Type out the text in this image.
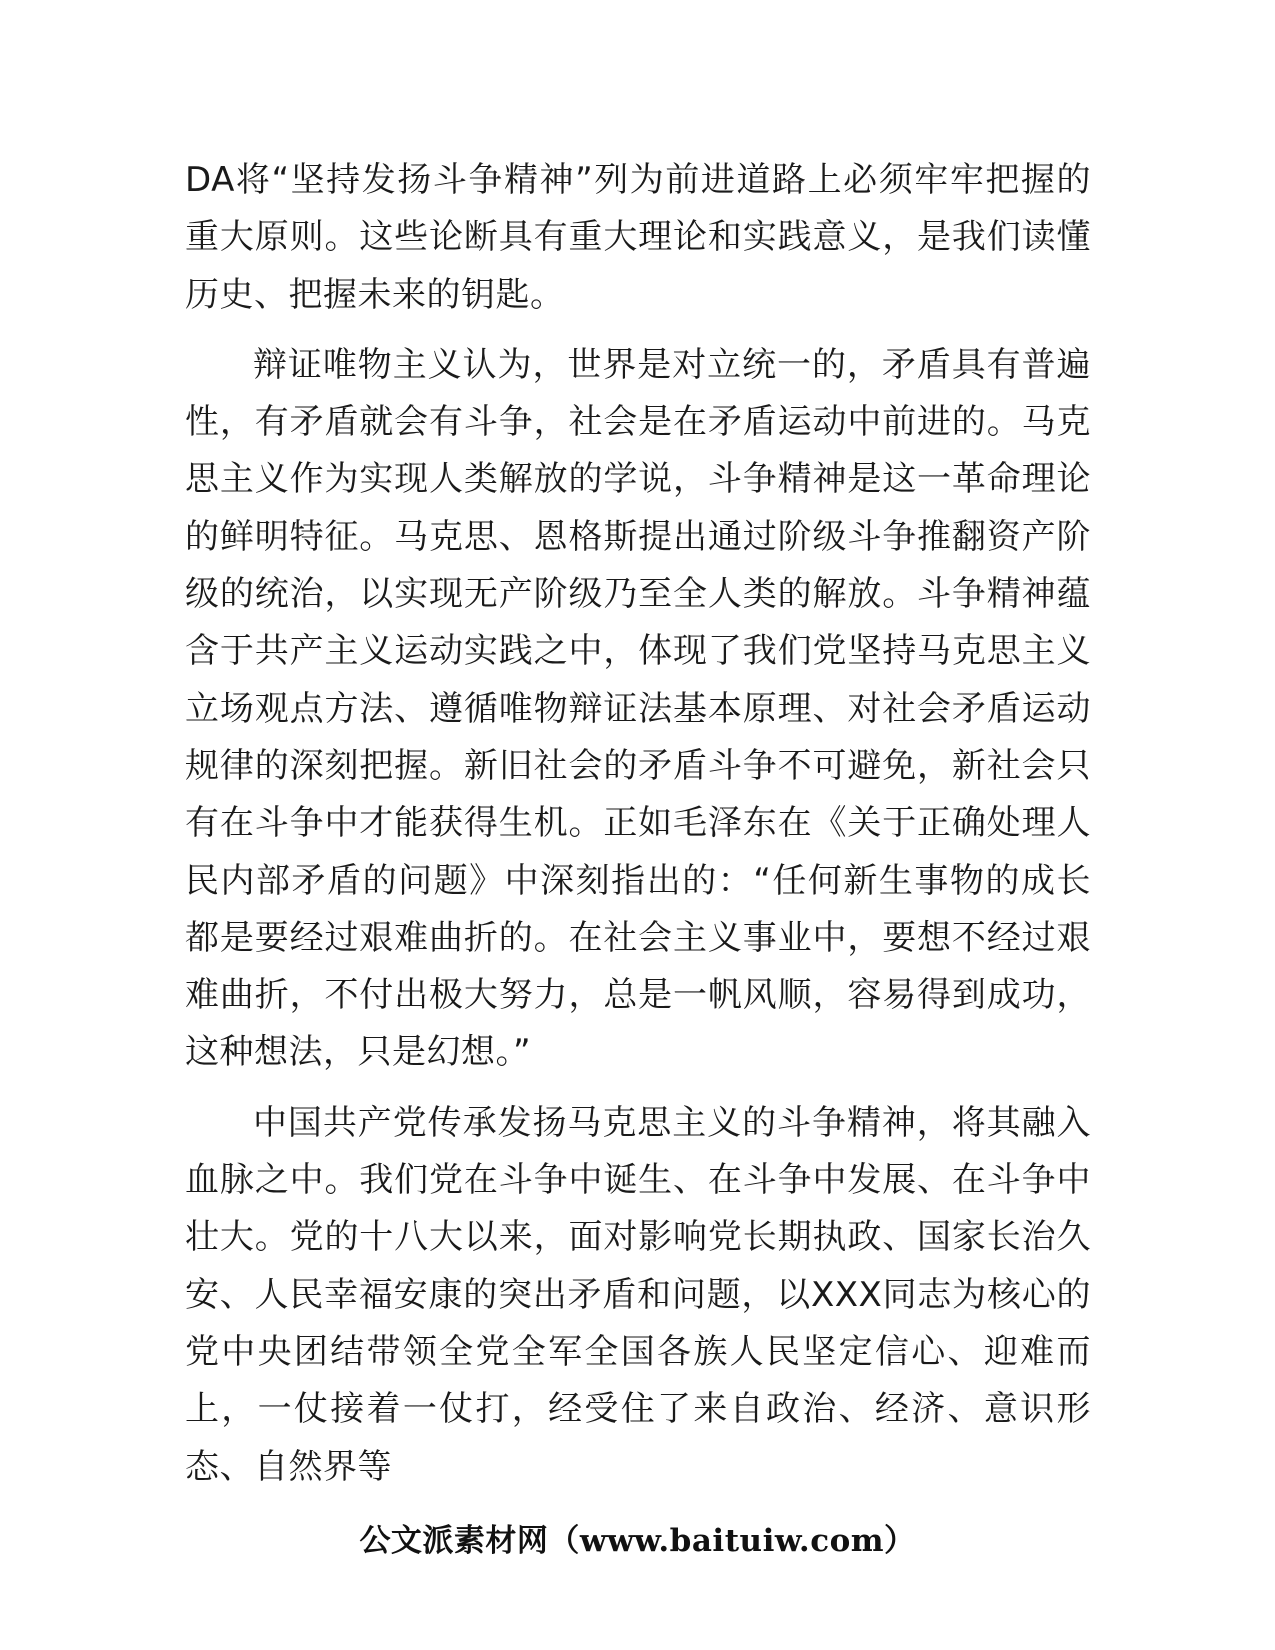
DA将“坚持发扬斗争精神”列为前进道路上必须牢牢把握的重大原则。这些论断具有重大理论和实践意义，是我们读懂历史、把握未来的钥匙。

辩证唯物主义认为，世界是对立统一的，矛盾具有普遍性，有矛盾就会有斗争，社会是在矛盾运动中前进的。马克思主义作为实现人类解放的学说，斗争精神是这一革命理论的鲜明特征。马克思、恩格斯提出通过阶级斗争推翻资产阶级的统治，以实现无产阶级乃至全人类的解放。斗争精神蕴含于共产主义运动实践之中，体现了我们党坚持马克思主义立场观点方法、遵循唯物辩证法基本原理、对社会矛盾运动规律的深刻把握。新旧社会的矛盾斗争不可避免，新社会只有在斗争中才能获得生机。正如毛泽东在《关于正确处理人民内部矛盾的问题》中深刻指出的：“任何新生事物的成长都是要经过艰难曲折的。在社会主义事业中，要想不经过艰难曲折，不付出极大努力，总是一帆风顺，容易得到成功，这种想法，只是幻想。”

中国共产党传承发扬马克思主义的斗争精神，将其融入血脉之中。我们党在斗争中诞生、在斗争中发展、在斗争中壮大。党的十八大以来，面对影响党长期执政、国家长治久安、人民幸福安康的突出矛盾和问题，以XXX同志为核心的党中央团结带领全党全军全国各族人民坚定信心、迎难而上，一仗接着一仗打，经受住了来自政治、经济、意识形态、自然界等

公文派素材网（www.baituiw.com）
